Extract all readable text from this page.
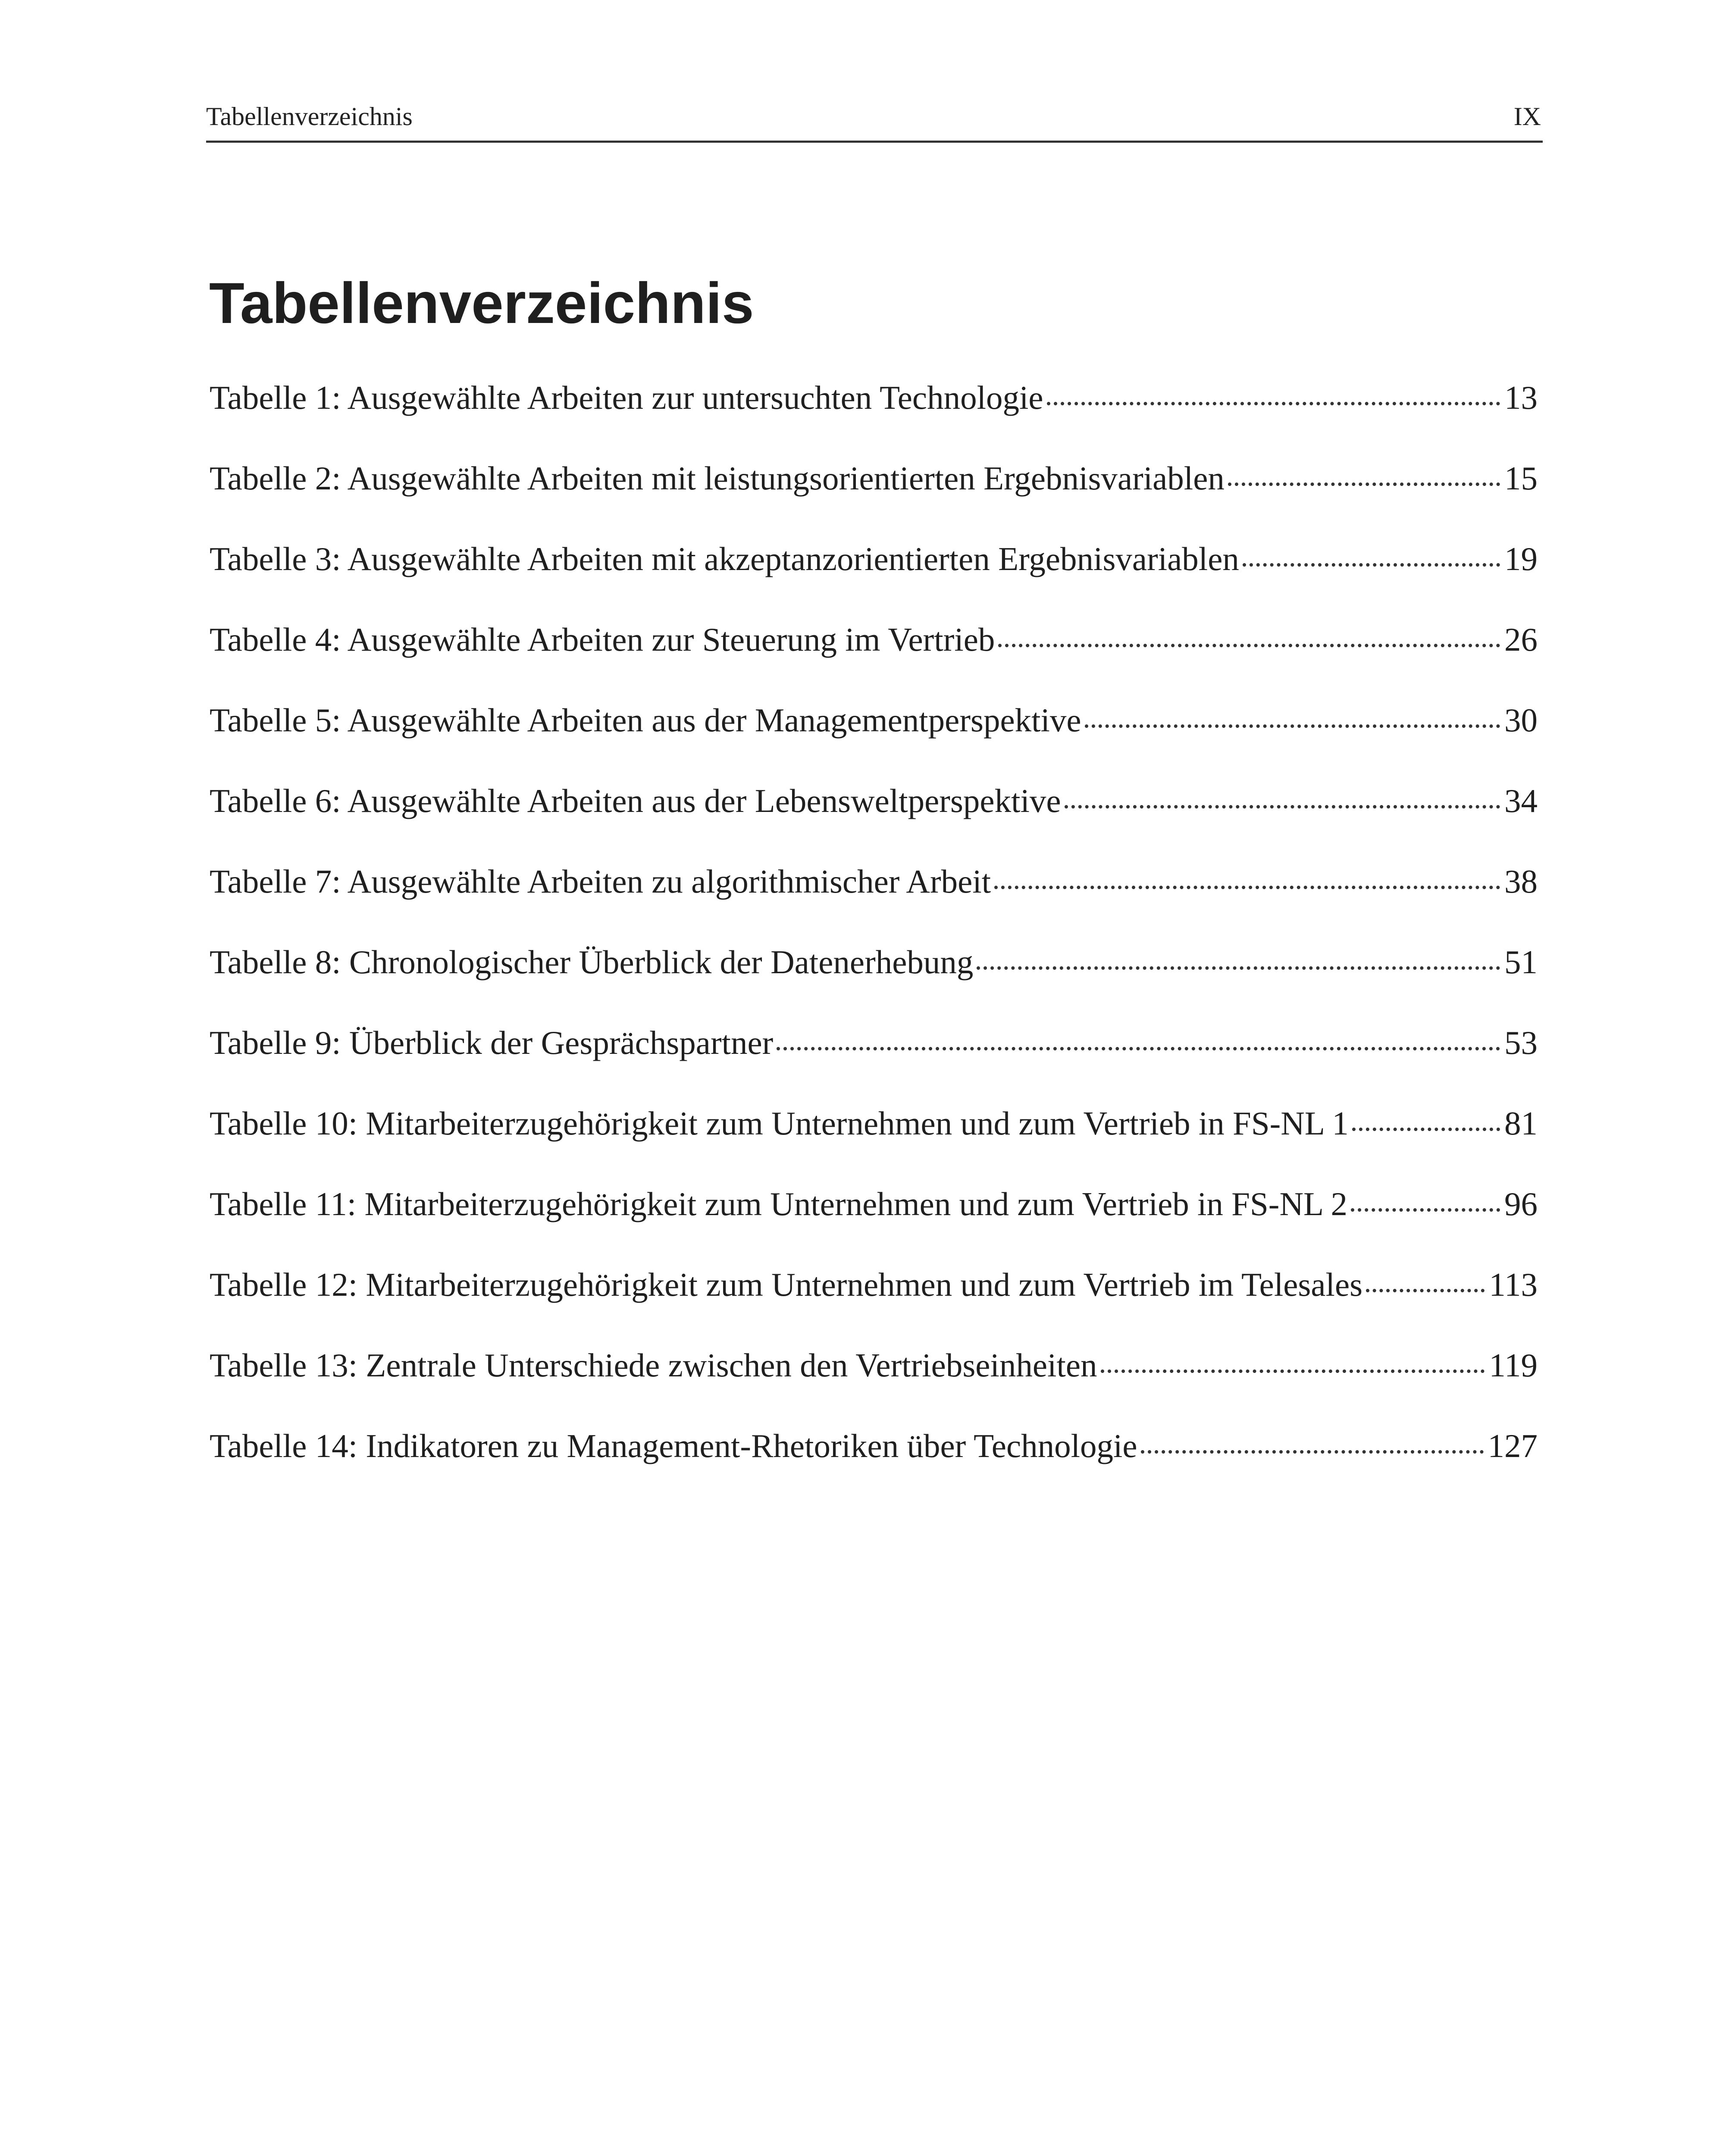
Tabellenverzeichnis	IX
Tabellenverzeichnis
Tabelle 1: Ausgewählte Arbeiten zur untersuchten Technologie	13
Tabelle 2: Ausgewählte Arbeiten mit leistungsorientierten Ergebnisvariablen	15
Tabelle 3: Ausgewählte Arbeiten mit akzeptanzorientierten Ergebnisvariablen	19
Tabelle 4: Ausgewählte Arbeiten zur Steuerung im Vertrieb	26
Tabelle 5: Ausgewählte Arbeiten aus der Managementperspektive	30
Tabelle 6: Ausgewählte Arbeiten aus der Lebensweltperspektive	34
Tabelle 7: Ausgewählte Arbeiten zu algorithmischer Arbeit	38
Tabelle 8: Chronologischer Überblick der Datenerhebung	51
Tabelle 9: Überblick der Gesprächspartner	53
Tabelle 10: Mitarbeiterzugehörigkeit zum Unternehmen und zum Vertrieb in FS-NL 1	81
Tabelle 11: Mitarbeiterzugehörigkeit zum Unternehmen und zum Vertrieb in FS-NL 2	96
Tabelle 12: Mitarbeiterzugehörigkeit zum Unternehmen und zum Vertrieb im Telesales	113
Tabelle 13: Zentrale Unterschiede zwischen den Vertriebseinheiten	119
Tabelle 14: Indikatoren zu Management-Rhetoriken über Technologie	127
